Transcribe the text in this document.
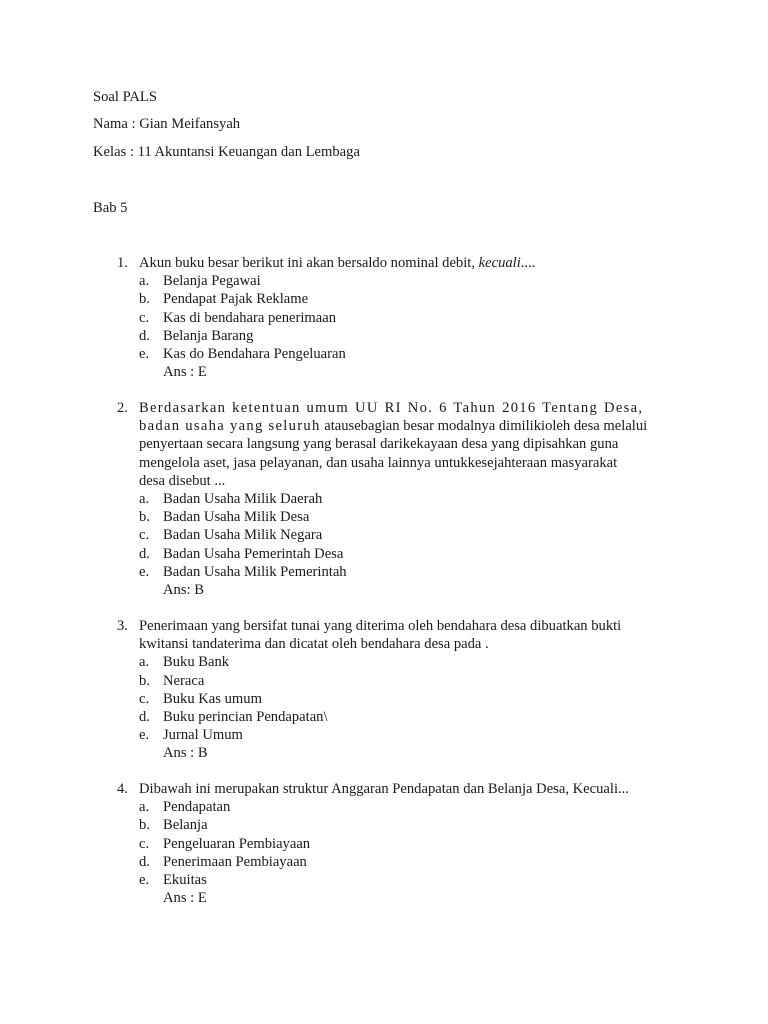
Soal PALS
Nama : Gian Meifansyah
Kelas : 11 Akuntansi Keuangan dan Lembaga
Bab 5
1. Akun buku besar berikut ini akan bersaldo nominal debit, kecuali....
a. Belanja Pegawai
b. Pendapat Pajak Reklame
c. Kas di bendahara penerimaan
d. Belanja Barang
e. Kas do Bendahara Pengeluaran
Ans : E
2. Berdasarkan ketentuan umum UU RI No. 6 Tahun 2016 Tentang Desa,
badan usaha yang seluruh atausebagian besar modalnya dimilikioleh desa melalui
penyertaan secara langsung yang berasal darikekayaan desa yang dipisahkan guna
mengelola aset, jasa pelayanan, dan usaha lainnya untukkesejahteraan masyarakat
desa disebut ...
a. Badan Usaha Milik Daerah
b. Badan Usaha Milik Desa
c. Badan Usaha Milik Negara
d. Badan Usaha Pemerintah Desa
e. Badan Usaha Milik Pemerintah
Ans: B
3. Penerimaan yang bersifat tunai yang diterima oleh bendahara desa dibuatkan bukti
kwitansi tandaterima dan dicatat oleh bendahara desa pada .
a. Buku Bank
b. Neraca
c. Buku Kas umum
d. Buku perincian Pendapatan\
e. Jurnal Umum
Ans : B
4. Dibawah ini merupakan struktur Anggaran Pendapatan dan Belanja Desa, Kecuali...
a. Pendapatan
b. Belanja
c. Pengeluaran Pembiayaan
d. Penerimaan Pembiayaan
e. Ekuitas
Ans : E
